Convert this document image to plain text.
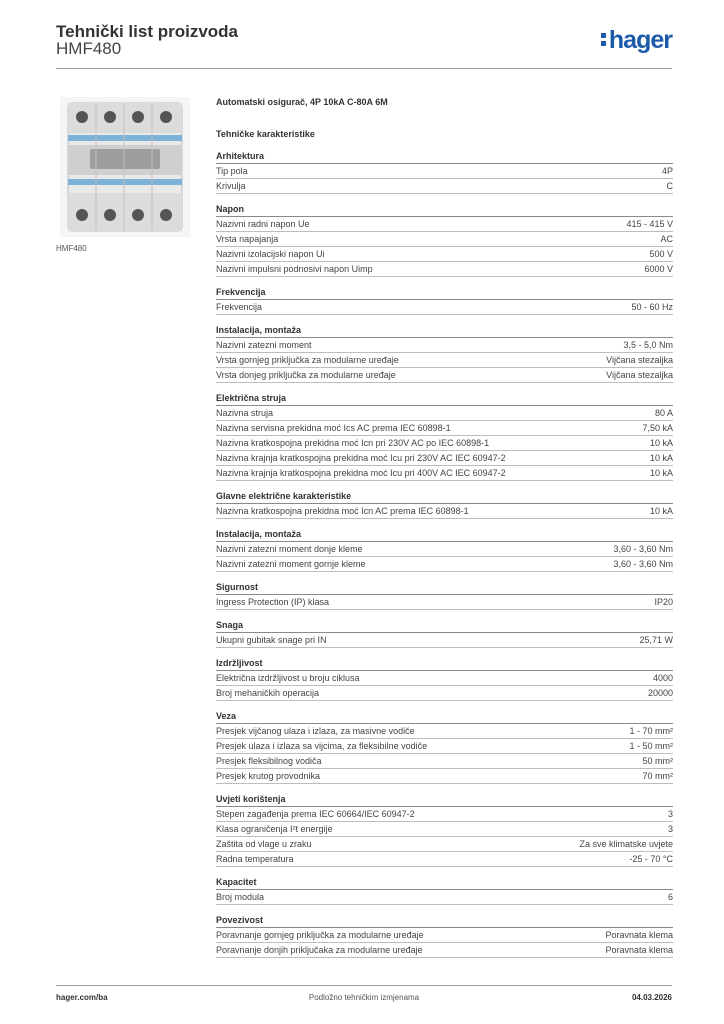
Tehnički list proizvoda
HMF480	hager
HMF480
Automatski osigurač, 4P 10kA C-80A 6M
Tehničke karakteristike
Arhitektura
Tip pola	4P
Krivulja	C
Napon
Nazivni radni napon Ue	415 - 415 V
Vrsta napajanja	AC
Nazivni izolacijski napon Ui	500 V
Nazivni impulsni podnosivi napon Uimp	6000 V
Frekvencija
Frekvencija	50 - 60 Hz
Instalacija, montaža
Nazivni zatezni moment	3,5 - 5,0 Nm
Vrsta gornjeg priključka za modularne uređaje	Vijčana stezaljka
Vrsta donjeg priključka za modularne uređaje	Vijčana stezaljka
Električna struja
Nazivna struja	80 A
Nazivna servisna prekidna moć Ics AC prema IEC 60898-1	7,50 kA
Nazivna kratkospojna prekidna moć Icn pri 230V AC po IEC 60898-1	10 kA
Nazivna krajnja kratkospojna prekidna moć Icu pri 230V AC IEC 60947-2	10 kA
Nazivna krajnja kratkospojna prekidna moć Icu pri 400V AC IEC 60947-2	10 kA
Glavne električne karakteristike
Nazivna kratkospojna prekidna moć Icn AC prema IEC 60898-1	10 kA
Instalacija, montaža
Nazivni zatezni moment donje kleme	3,60 - 3,60 Nm
Nazivni zatezni moment gornje kleme	3,60 - 3,60 Nm
Sigurnost
Ingress Protection (IP) klasa	IP20
Snaga
Ukupni gubitak snage pri IN	25,71 W
Izdržljivost
Električna izdržljivost u broju ciklusa	4000
Broj mehaničkih operacija	20000
Veza
Presjek vijčanog ulaza i izlaza, za masivne vodiče	1 - 70 mm²
Presjek ulaza i izlaza sa vijcima, za fleksibilne vodiče	1 - 50 mm²
Presjek fleksibilnog vodiča	50 mm²
Presjek krutog provodnika	70 mm²
Uvjeti korištenja
Stepen zagađenja prema IEC 60664/IEC 60947-2	3
Klasa ograničenja I²t energije	3
Zaštita od vlage u zraku	Za sve klimatske uvjete
Radna temperatura	-25 - 70 °C
Kapacitet
Broj modula	6
Povezivost
Poravnanje gornjeg priključka za modularne uređaje	Poravnata klema
Poravnanje donjih priključaka za modularne uređaje	Poravnata klema
hager.com/ba	Podložno tehničkim izmjenama	04.03.2026
